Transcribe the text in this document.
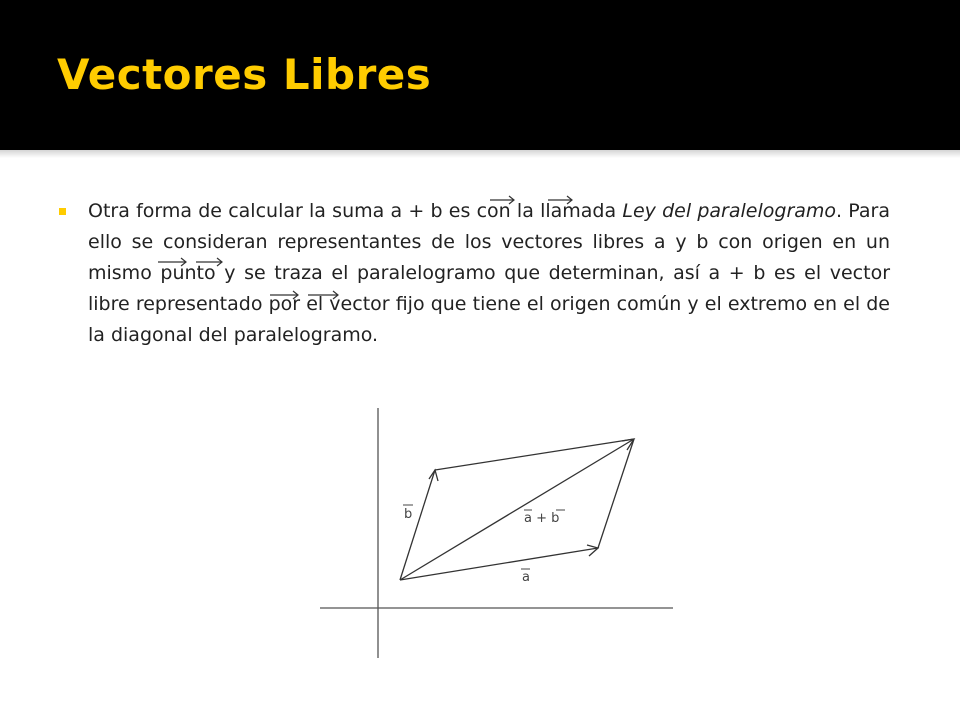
Vectores Libres

Otra forma de calcular la suma a + b es con la llamada Ley del paralelogramo. Para ello se consideran representantes de los vectores libres a y b con origen en un mismo punto y se traza el paralelogramo que determinan, así a + b es el vector libre representado por el vector fijo que tiene el origen común y el extremo en el de la diagonal del paralelogramo.

b	a + b
a
